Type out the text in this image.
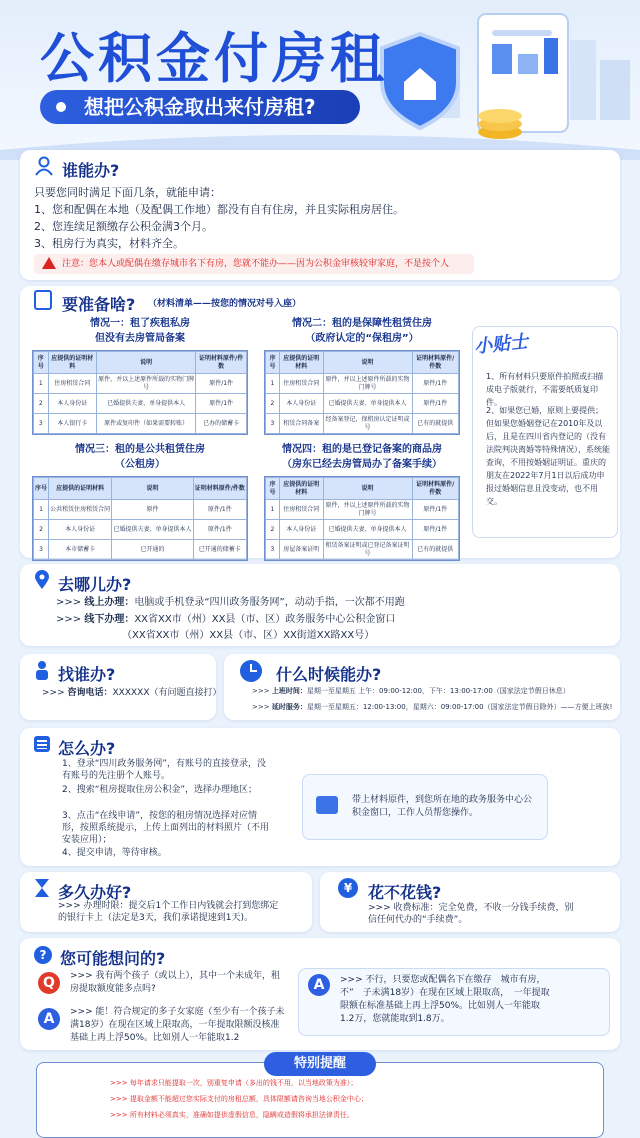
公积金付房租
想把公积金取出来付房租?
谁能办?
只要您同时满足下面几条，就能申请：
1、您和配偶在本地（及配偶工作地）都没有自有住房，并且实际租房居住。
2、您连续足额缴存公积金满3个月。
3、租房行为真实，材料齐全。
注意：您本人或配偶在缴存城市名下有房，您就不能办——因为公积金审核较审家庭，不是按个人
要准备啥? （材料清单——按您的情况对号入座）
情况一：租了疾租私房
但没有去房管局备案
序号	应提供的证明材料	说明	证明材料原件/件数
1	住房租赁合同	原件，并以上述原件所载的实物门牌号	原件/1件
2	本人身份证	已婚提供夫妻、单身提供本人	原件/1件
3	本人银行卡	原件或复印件（如果需要转账）	已办的储蓄卡
情况二：租的是保障性租赁住房
（政府认定的“保租房”）
序号	应提供的证明材料	说明	证明材料原件/件数
1	住房租赁合同	原件，并以上述原件所载的实物门牌号	原件/1件
2	本人身份证	已婚提供夫妻、单身提供本人	原件/1件
3	租赁合同备案	经备案登记，保租房认定证明或号	已有的就提供
情况三：租的是公共租赁住房
（公租房）
序号	应提供的证明材料	说明	证明材料原件/件数
1	公共租赁住房租赁合同	原件	原件/1件
2	本人身份证	已婚提供夫妻、单身提供本人	原件/1件
3	本市储蓄卡	已开通的	已开通的储蓄卡
情况四：租的是已登记备案的商品房
（房东已经去房管局办了备案手续）
序号	应提供的证明材料	说明	证明材料原件/件数
1	住房租赁合同	原件，并以上述原件所载的实物门牌号	原件/1件
2	本人身份证	已婚提供夫妻、单身提供本人	原件/1件
3	房屋备案证明	租赁备案证明或已登记备案证明号	已有的就提供
小贴士
1、所有材料只要原件拍照或扫描成电子版就行，不需要纸质复印件。
2、如果您已婚，原则上要提供；但如果您婚姻登记在2010年及以后，且是在四川省内登记的（没有法院判决离婚等特殊情况），系统能查询，不用按婚姻证明证。重庆的朋友在2022年7月1日以后成功申报过婚姻信息且没变动，也不用交。
去哪儿办?
>>> 线上办理：电脑或手机登录“四川政务服务网”，动动手指，一次都不用跑
>>> 线下办理：XX省XX市（州）XX县（市、区）政务服务中心公积金窗口
（XX省XX市（州）XX县（市、区）XX街道XX路XX号）
找谁办?
>>> 咨询电话：XXXXXX（有问题直接打）
什么时候能办?
>>> 上班时间：星期一至星期五 上午：09:00-12:00，下午：13:00-17:00（国家法定节假日休息）
>>> 延时服务：星期一至星期五：12:00-13:00，星期六：09:00-17:00（国家法定节假日除外）——方便上班族!
怎么办?
1、登录“四川政务服务网”，有账号的直接登录，没有账号的先注册个人账号。
2、搜索“租房提取住房公积金”，选择办理地区；
3、点击“在线申请”，按您的租房情况选择对应情形，按照系统提示，上传上面列出的材料照片（不用安装应用）；
4、提交申请，等待审核。
带上材料原件，到您所在地的政务服务中心公积金窗口，工作人员帮您操作。
多久办好?
>>> 办理时限：提交后1个工作日内钱就会打到您绑定的银行卡上（法定是3天，我们承诺提速到1天)。
¥ 花不花钱?
>>> 收费标准：完全免费，不收一分钱手续费，别信任何代办的“手续费”。
? 您可能想问的?
Q	>>> 我有两个孩子（或以上），其中一个未成年，租房提取额度能多点吗?
A	>>> 能！符合规定的多子女家庭（至少有一个孩子未满18岁）在现在区域上限取高，一年提取限额没核准基础上再上浮50%。比如别人一年能取1.2
A	>>> 不行，只要您或配偶名下在缴存　城市有房，不”　子未满18岁）在现在区域上限取高，　一年提取限额在标准基础上再上浮50%。比如别人一年能取1.2万，您就能取到1.8万。
特别提醒
>>> 每年请求只能提取一次，别重复申请（多出的钱不用，以当地政策为准）；
>>> 提取金额不能超过您实际支付的房租总额，具体限额请咨询当地公积金中心；
>>> 所有材料必须真实，准确如提供虚假信息，隐瞒或造假将承担法律责任。
